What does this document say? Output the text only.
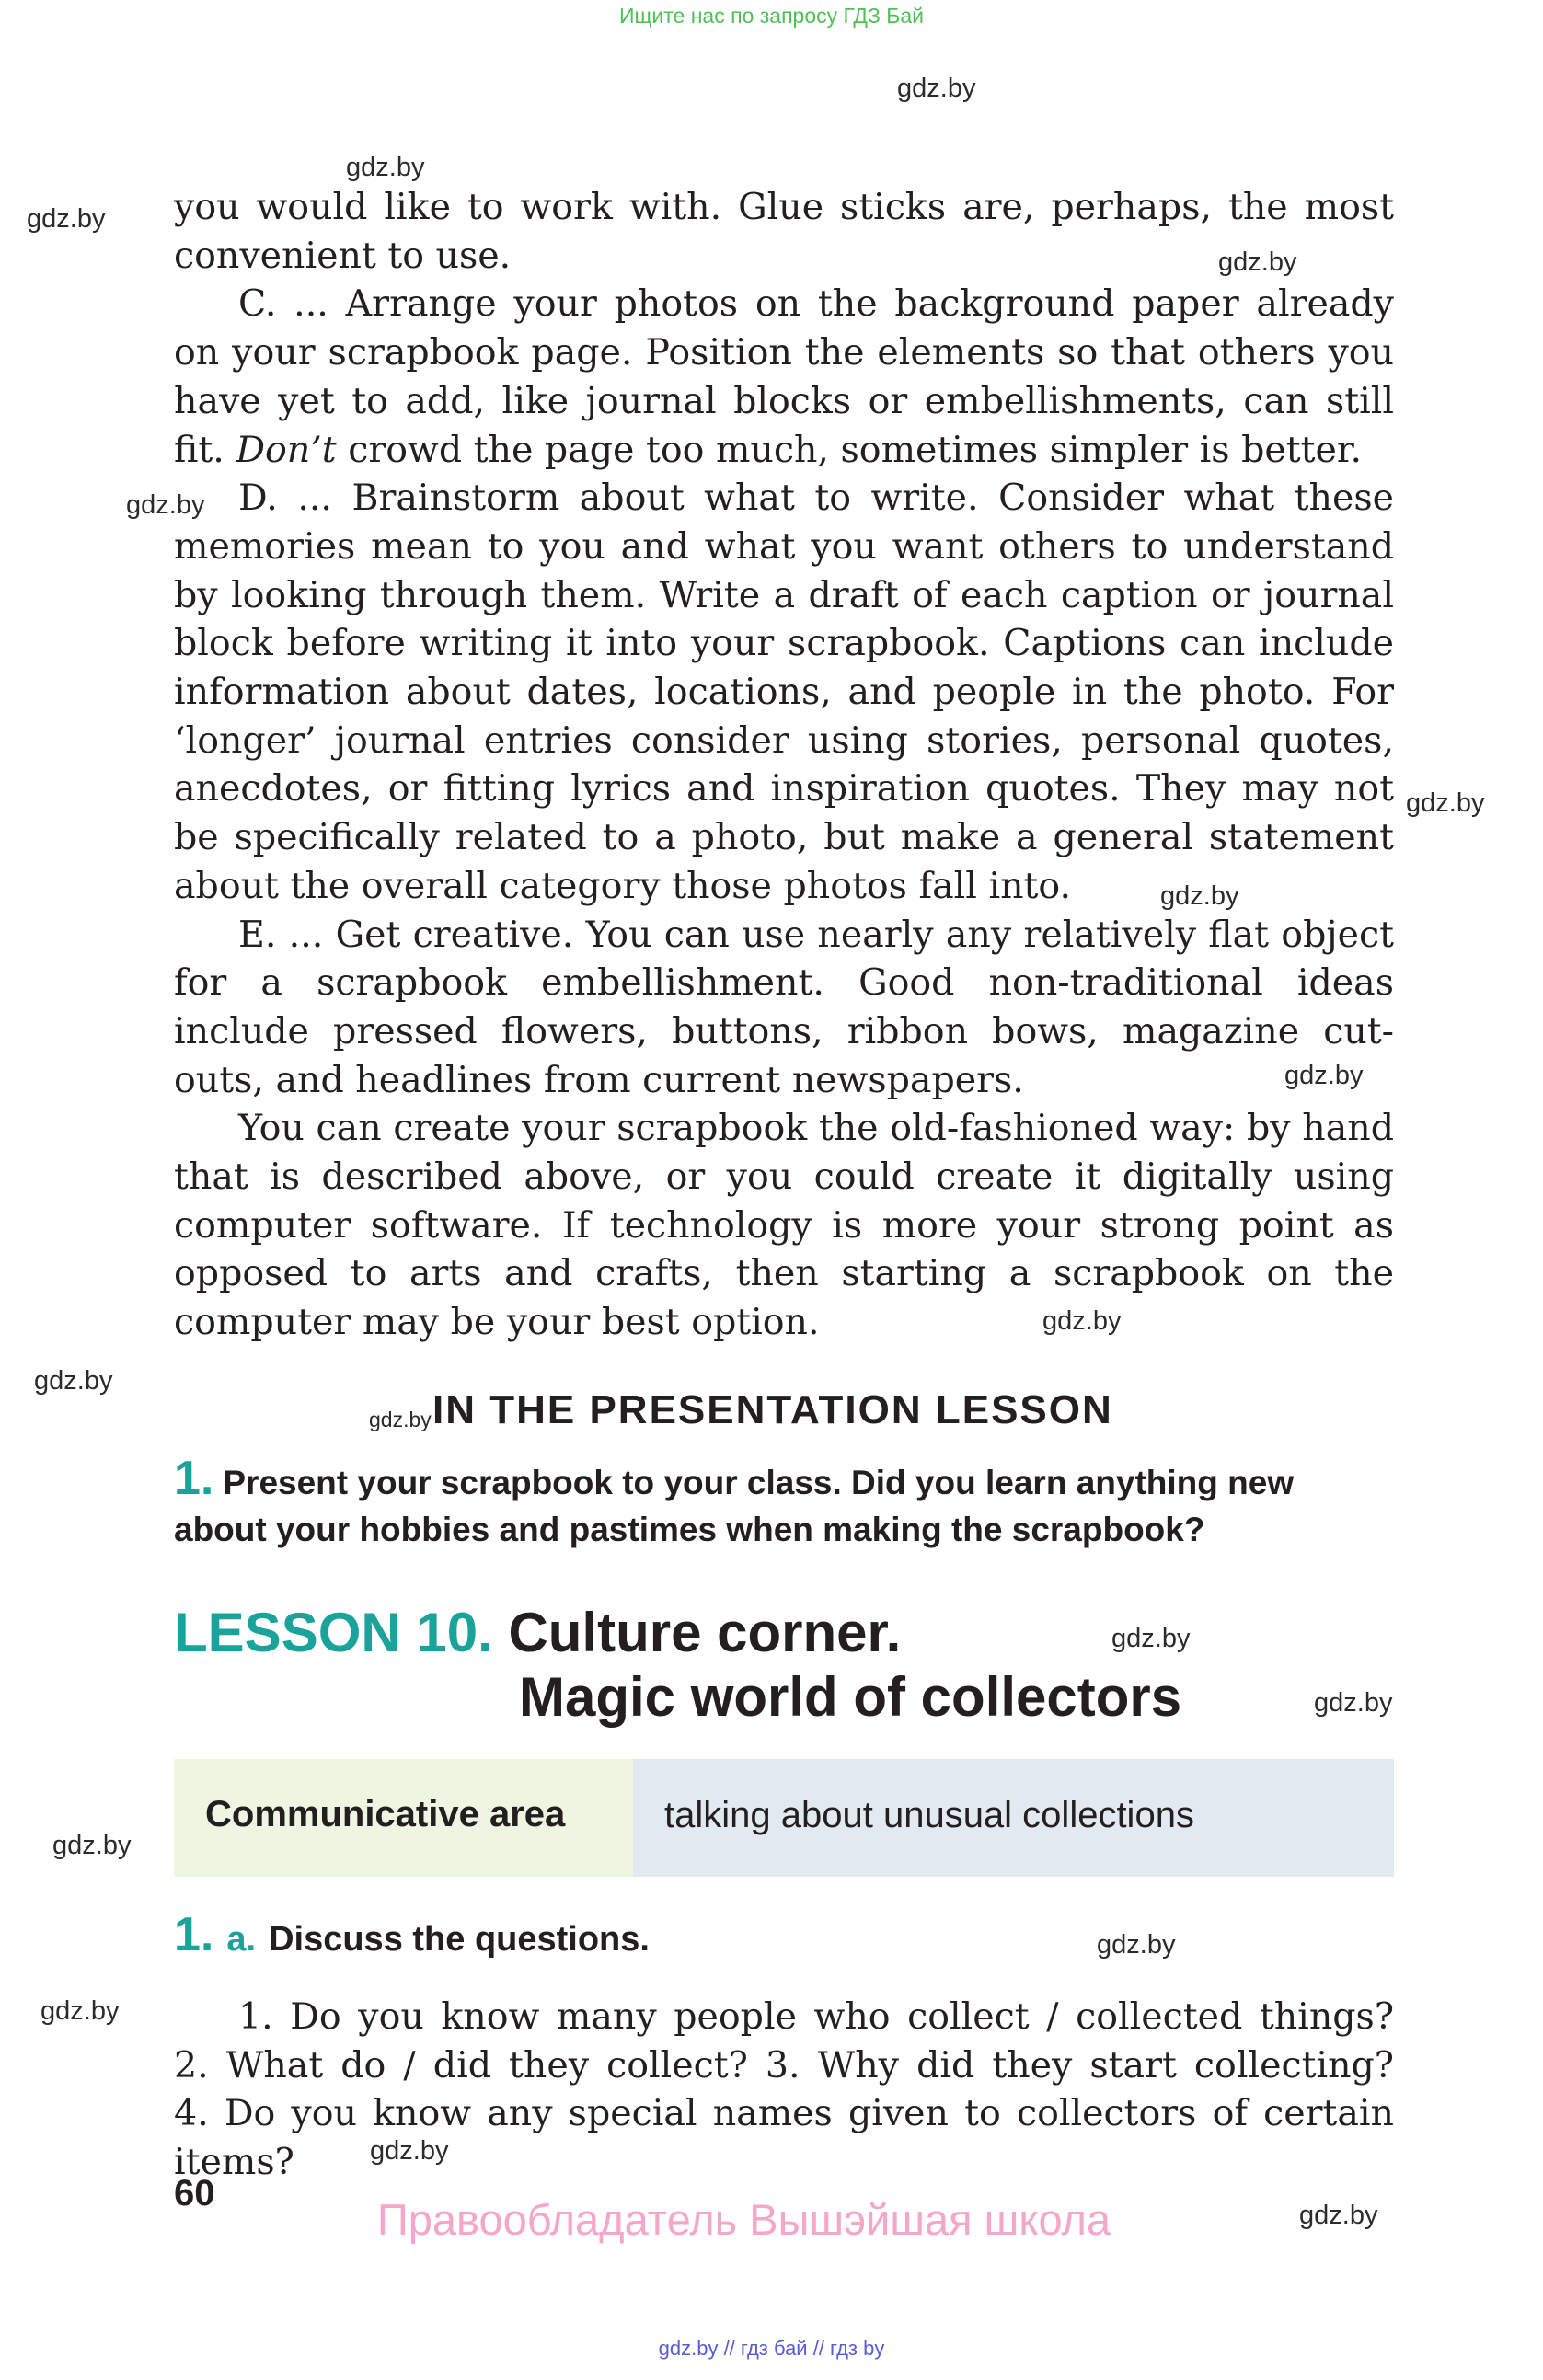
Ищите нас по запросу ГДЗ Бай
gdz.by
gdz.by
gdz.by
gdz.by
gdz.by
gdz.by
gdz.by
gdz.by
gdz.by
gdz.by
gdz.by
gdz.by
gdz.by
gdz.by
gdz.by
gdz.by
gdz.by
gdz.by

you would like to work with. Glue sticks are, perhaps, the most convenient to use.

C. ... Arrange your photos on the background paper already on your scrapbook page. Position the elements so that others you have yet to add, like journal blocks or embellishments, can still fit. Don’t crowd the page too much, sometimes simpler is better.

D. ... Brainstorm about what to write. Consider what these memories mean to you and what you want others to understand by looking through them. Write a draft of each caption or journal block before writing it into your scrapbook. Captions can include information about dates, locations, and people in the photo. For ‘longer’ journal entries consider using stories, personal quotes, anecdotes, or fitting lyrics and inspiration quotes. They may not be specifically related to a photo, but make a general statement about the overall category those photos fall into.

E. ... Get creative. You can use nearly any relatively flat object for a scrapbook embellishment. Good non-traditional ideas include pressed flowers, buttons, ribbon bows, magazine cut-outs, and headlines from current newspapers.

You can create your scrapbook the old-fashioned way: by hand that is described above, or you could create it digitally using computer software. If technology is more your strong point as opposed to arts and crafts, then starting a scrapbook on the computer may be your best option.

IN THE PRESENTATION LESSON
1. Present your scrapbook to your class. Did you learn anything new about your hobbies and pastimes when making the scrapbook?
LESSON 10. Culture corner.
Magic world of collectors
Communicative area	talking about unusual collections
1. a. Discuss the questions.

1. Do you know many people who collect / collected things?

2. What do / did they collect? 3. Why did they start collecting?

4. Do you know any special names given to collectors of certain items?

60
Правообладатель Вышэйшая школа
gdz.by // гдз бай // гдз by
